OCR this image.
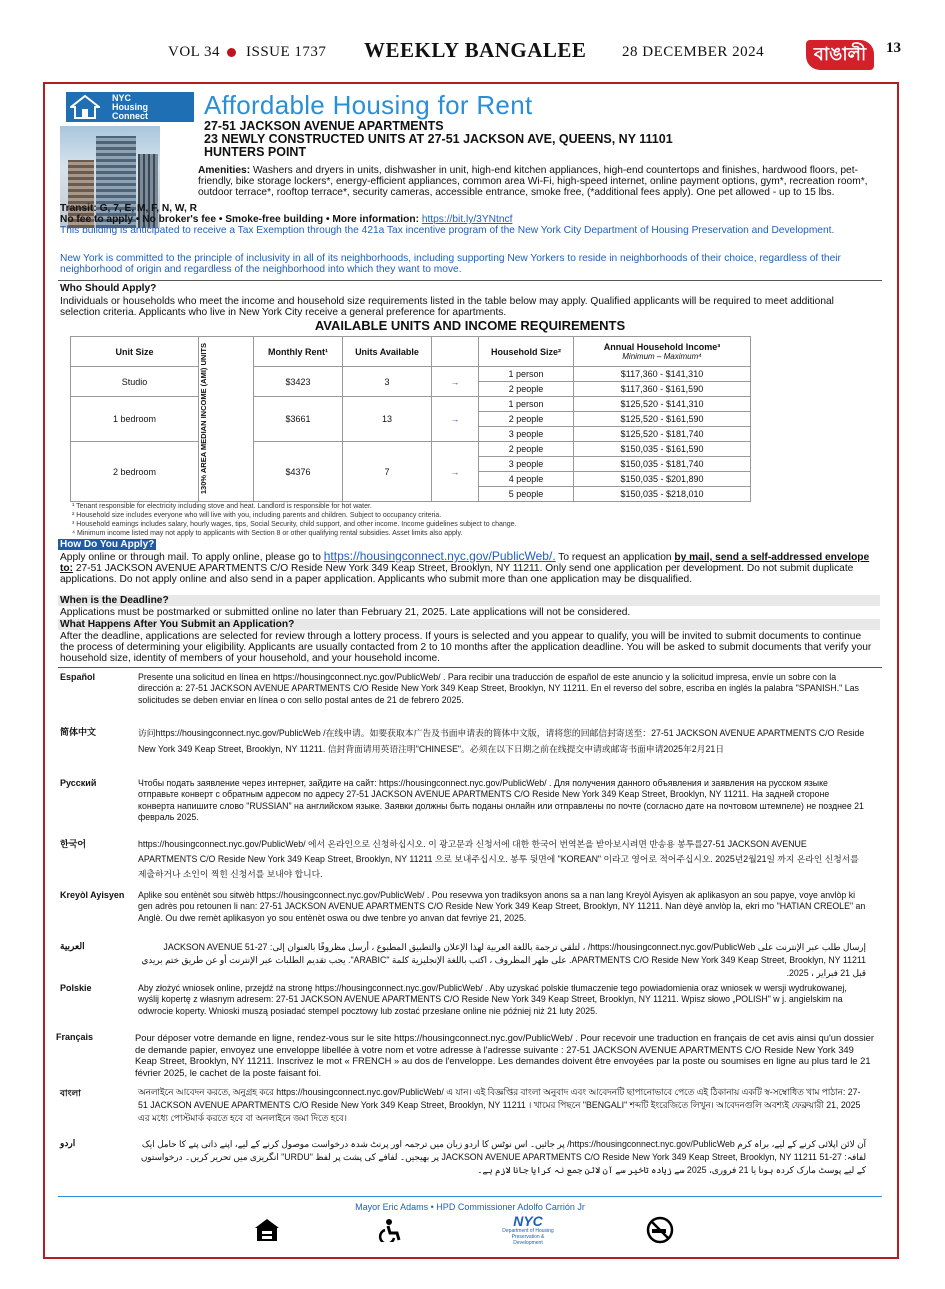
VOL 34 ISSUE 1737 WEEKLY BANGALEE 28 DECEMBER 2024	বাঙালী	13
NYC
Housing
Connect Affordable Housing for Rent
27-51 JACKSON AVENUE APARTMENTS
23 NEWLY CONSTRUCTED UNITS AT 27-51 JACKSON AVE, QUEENS, NY 11101
HUNTERS POINT
Amenities: Washers and dryers in units, dishwasher in unit, high-end kitchen appliances, high-end countertops and finishes, hardwood floors, pet-friendly, bike storage lockers*, energy-efficient appliances, common area Wi-Fi, high-speed internet, online payment options, gym*, recreation room*, outdoor terrace*, rooftop terrace*, security cameras, accessible entrance, smoke free, (*additional fees apply). One pet allowed - up to 15 lbs.
Transit: G, 7, E, M, F, N, W, R
No fee to apply • No broker's fee • Smoke-free building • More information: https://bit.ly/3YNtncf
This building is anticipated to receive a Tax Exemption through the 421a Tax incentive program of the New York City Department of Housing Preservation and Development.
New York is committed to the principle of inclusivity in all of its neighborhoods, including supporting New Yorkers to reside in neighborhoods of their choice, regardless of their neighborhood of origin and regardless of the neighborhood into which they want to move.
Who Should Apply?
Individuals or households who meet the income and household size requirements listed in the table below may apply. Qualified applicants will be required to meet additional selection criteria. Applicants who live in New York City receive a general preference for apartments.
AVAILABLE UNITS AND INCOME REQUIREMENTS
Unit Size	130% AREA MEDIAN INCOME (AMI) UNITS	Monthly Rent¹	Units Available		Household Size²	Annual Household Income³
Minimum – Maximum⁴

Studio		$3423	3	→	1 person	$117,360 - $141,310
					2 people	$117,360 - $161,590
1 bedroom		$3661	13	→	1 person	$125,520 - $141,310
					2 people	$125,520 - $161,590
					3 people	$125,520 - $181,740
2 bedroom		$4376	7	→	2 people	$150,035 - $161,590
					3 people	$150,035 - $181,740
					4 people	$150,035 - $201,890
					5 people	$150,035 - $218,010
¹ Tenant responsible for electricity including stove and heat. Landlord is responsible for hot water.
² Household size includes everyone who will live with you, including parents and children. Subject to occupancy criteria.
³ Household earnings includes salary, hourly wages, tips, Social Security, child support, and other income. Income guidelines subject to change.
⁴ Minimum income listed may not apply to applicants with Section 8 or other qualifying rental subsidies. Asset limits also apply.
How Do You Apply?
Apply online or through mail. To apply online, please go to https://housingconnect.nyc.gov/PublicWeb/. To request an application by mail, send a self-addressed envelope to: 27-51 JACKSON AVENUE APARTMENTS C/O Reside New York 349 Keap Street, Brooklyn, NY 11211. Only send one application per development. Do not submit duplicate applications. Do not apply online and also send in a paper application. Applicants who submit more than one application may be disqualified.
When is the Deadline?
Applications must be postmarked or submitted online no later than February 21, 2025. Late applications will not be considered.
What Happens After You Submit an Application?
After the deadline, applications are selected for review through a lottery process. If yours is selected and you appear to qualify, you will be invited to submit documents to continue the process of determining your eligibility. Applicants are usually contacted from 2 to 10 months after the application deadline. You will be asked to submit documents that verify your household size, identity of members of your household, and your household income.
Español	Presente una solicitud en línea en https://housingconnect.nyc.gov/PublicWeb/ . Para recibir una traducción de español de este anuncio y la solicitud impresa, envíe un sobre con la dirección a: 27-51 JACKSON AVENUE APARTMENTS C/O Reside New York 349 Keap Street, Brooklyn, NY 11211. En el reverso del sobre, escriba en inglés la palabra "SPANISH." Las solicitudes se deben enviar en línea o con sello postal antes de 21 de febrero 2025.
简体中文	访问https://housingconnect.nyc.gov/PublicWeb /在线申请。如要获取本广告及书面申请表的简体中文版，请将您的回邮信封寄送至：27-51 JACKSON AVENUE APARTMENTS C/O Reside New York 349 Keap Street, Brooklyn, NY 11211. 信封背面请用英语注明"CHINESE"。必须在以下日期之前在线提交申请或邮寄书面申请2025年2月21日
Русский	Чтобы подать заявление через интернет, зайдите на сайт: https://housingconnect.nyc.gov/PublicWeb/ . Для получения данного объявления и заявления на русском языке отправьте конверт с обратным адресом по адресу 27-51 JACKSON AVENUE APARTMENTS C/O Reside New York 349 Keap Street, Brooklyn, NY 11211. На задней стороне конверта напишите слово "RUSSIAN" на английском языке. Заявки должны быть поданы онлайн или отправлены по почте (согласно дате на почтовом штемпеле) не позднее 21 февраль 2025.
한국어	https://housingconnect.nyc.gov/PublicWeb/ 에서 온라인으로 신청하십시오. 이 광고문과 신청서에 대한 한국어 번역본을 받아보시려면 반송용 봉투를27-51 JACKSON AVENUE APARTMENTS C/O Reside New York 349 Keap Street, Brooklyn, NY 11211 으로 보내주십시오. 봉투 뒷면에 "KOREAN" 이라고 영어로 적어주십시오. 2025년2월21일 까지 온라인 신청서를 제출하거나 소인이 찍힌 신청서를 보내야 합니다.
Kreyòl Ayisyen	Aplike sou entènèt sou sitwèb https://housingconnect.nyc.gov/PublicWeb/ . Pou resevwa yon tradiksyon anons sa a nan lang Kreyòl Ayisyen ak aplikasyon an sou papye, voye anvlòp ki gen adrès pou retounen li nan: 27-51 JACKSON AVENUE APARTMENTS C/O Reside New York 349 Keap Street, Brooklyn, NY 11211. Nan dèyè anvlòp la, ekri mo "HATIAN CREOLE" an Anglè. Ou dwe remèt aplikasyon yo sou entènèt oswa ou dwe tenbre yo anvan dat fevriye 21, 2025.
العربية	إرسال طلب عبر الإنترنت على https://housingconnect.nyc.gov/PublicWeb/ ، لتلقي ترجمة باللغة العربية لهذا الإعلان والتطبيق المطبوع ، أرسل مظروفًا بالعنوان إلى: 27-51 JACKSON AVENUE APARTMENTS C/O Reside New York 349 Keap Street, Brooklyn, NY 11211. على ظهر المظروف ، اكتب باللغة الإنجليزية كلمة "ARABIC". يجب تقديم الطلبات عبر الإنترنت أو عن طريق ختم بريدي قبل 21 فبراير ، 2025.
Polskie	Aby złożyć wniosek online, przejdź na stronę https://housingconnect.nyc.gov/PublicWeb/ . Aby uzyskać polskie tłumaczenie tego powiadomienia oraz wniosek w wersji wydrukowanej, wyślij kopertę z własnym adresem: 27-51 JACKSON AVENUE APARTMENTS C/O Reside New York 349 Keap Street, Brooklyn, NY 11211. Wpisz słowo „POLISH" w j. angielskim na odwrocie koperty. Wnioski muszą posiadać stempel pocztowy lub zostać przesłane online nie później niż 21 luty 2025.
Français	Pour déposer votre demande en ligne, rendez-vous sur le site https://housingconnect.nyc.gov/PublicWeb/ . Pour recevoir une traduction en français de cet avis ainsi qu'un dossier de demande papier, envoyez une enveloppe libellée à votre nom et votre adresse à l'adresse suivante : 27-51 JACKSON AVENUE APARTMENTS C/O Reside New York 349 Keap Street, Brooklyn, NY 11211. Inscrivez le mot « FRENCH » au dos de l'enveloppe. Les demandes doivent être envoyées par la poste ou soumises en ligne au plus tard le 21 février 2025, le cachet de la poste faisant foi.
বাংলা	অনলাইনে আবেদন করতে, অনুগ্রহ করে https://housingconnect.nyc.gov/PublicWeb/ এ যান। এই বিজ্ঞপ্তির বাংলা অনুবাদ এবং আবেদনটি ছাপানোভাবে পেতে এই ঠিকানায় একটি স্ব-সম্বোধিত খাম পাঠান: 27-51 JACKSON AVENUE APARTMENTS C/O Reside New York 349 Keap Street, Brooklyn, NY 11211 । খামের পিছনে "BENGALI" শব্দটি ইংরেজিতে লিখুন। আবেদনগুলি অবশ্যই ফেব্রুয়ারী 21, 2025 এর মধ্যে পোস্টমার্ক করতে হবে বা অনলাইনে জমা দিতে হবে।
اردو	آن لائن اپلائی کرنے کے لیے، براہ کرم https://housingconnect.nyc.gov/PublicWeb/ پر جائیں۔ اس نوٹس کا اردو زبان میں ترجمہ اور پرنٹ شدہ درخواست موصول کرنے کے لیے، اپنے ذاتی پتے کا حامل ایک لفافہ: 27-51 JACKSON AVENUE APARTMENTS C/O Reside New York 349 Keap Street, Brooklyn, NY 11211 پر بھیجیں۔ لفافے کی پشت پر لفظ "URDU" انگریزی میں تحریر کریں۔ درخواستوں کے لیے پوسٹ مارک کردہ ہونا یا 21 فروری، 2025 سے زیادہ تاخیر سے آن لائن جمع نہ کرایا جانا لازم ہے۔
Mayor Eric Adams • HPD Commissioner Adolfo Carrión Jr
NYC
Department of Housing Preservation & Development
